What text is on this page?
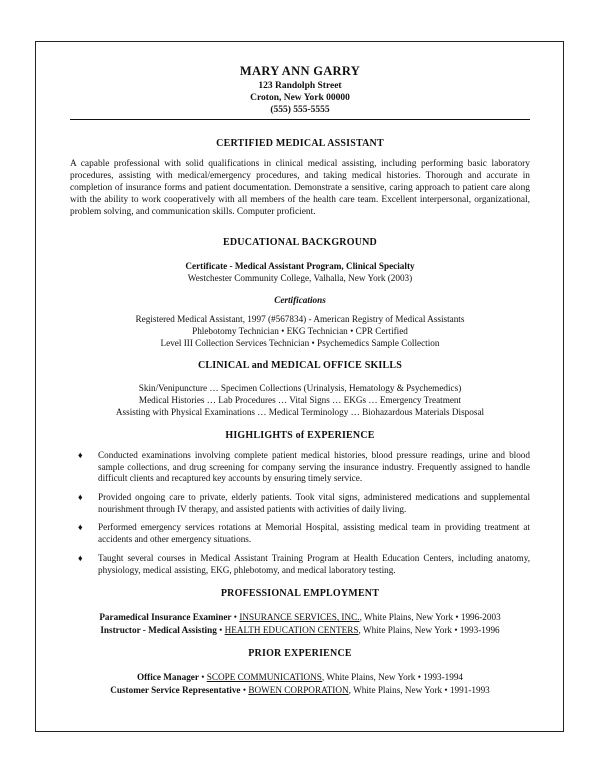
MARY ANN GARRY
123 Randolph Street
Croton, New York 00000
(555) 555-5555
CERTIFIED MEDICAL ASSISTANT
A capable professional with solid qualifications in clinical medical assisting, including performing basic laboratory procedures, assisting with medical/emergency procedures, and taking medical histories. Thorough and accurate in completion of insurance forms and patient documentation. Demonstrate a sensitive, caring approach to patient care along with the ability to work cooperatively with all members of the health care team. Excellent interpersonal, organizational, problem solving, and communication skills. Computer proficient.
EDUCATIONAL BACKGROUND
Certificate - Medical Assistant Program, Clinical Specialty
Westchester Community College, Valhalla, New York (2003)
Certifications
Registered Medical Assistant, 1997 (#567834) - American Registry of Medical Assistants
Phlebotomy Technician • EKG Technician • CPR Certified
Level III Collection Services Technician • Psychemedics Sample Collection
CLINICAL and MEDICAL OFFICE SKILLS
Skin/Venipuncture … Specimen Collections (Urinalysis, Hematology & Psychemedics)
Medical Histories … Lab Procedures … Vital Signs … EKGs … Emergency Treatment
Assisting with Physical Examinations … Medical Terminology … Biohazardous Materials Disposal
HIGHLIGHTS of EXPERIENCE
♦ Conducted examinations involving complete patient medical histories, blood pressure readings, urine and blood sample collections, and drug screening for company serving the insurance industry. Frequently assigned to handle difficult clients and recaptured key accounts by ensuring timely service.
♦ Provided ongoing care to private, elderly patients. Took vital signs, administered medications and supplemental nourishment through IV therapy, and assisted patients with activities of daily living.
♦ Performed emergency services rotations at Memorial Hospital, assisting medical team in providing treatment at accidents and other emergency situations.
♦ Taught several courses in Medical Assistant Training Program at Health Education Centers, including anatomy, physiology, medical assisting, EKG, phlebotomy, and medical laboratory testing.
PROFESSIONAL EMPLOYMENT
Paramedical Insurance Examiner • INSURANCE SERVICES, INC., White Plains, New York • 1996-2003
Instructor - Medical Assisting • HEALTH EDUCATION CENTERS, White Plains, New York • 1993-1996
PRIOR EXPERIENCE
Office Manager • SCOPE COMMUNICATIONS, White Plains, New York • 1993-1994
Customer Service Representative • BOWEN CORPORATION, White Plains, New York • 1991-1993
